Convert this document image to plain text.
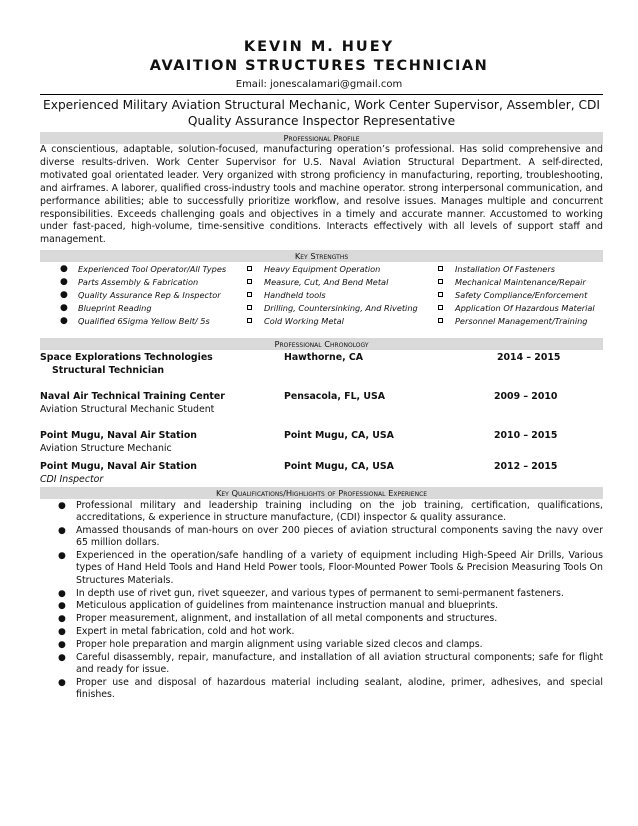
KEVIN M. HUEY
AVAITION STRUCTURES TECHNICIAN
Email: jonescalamari@gmail.com
Experienced Military Aviation Structural Mechanic, Work Center Supervisor, Assembler, CDI
Quality Assurance Inspector Representative
Professional Profile
A conscientious, adaptable, solution-focused, manufacturing operation’s professional. Has solid comprehensive and diverse results-driven. Work Center Supervisor for U.S. Naval Aviation Structural Department. A self-directed, motivated goal orientated leader. Very organized with strong proficiency in manufacturing, reporting, troubleshooting, and airframes. A laborer, qualified cross-industry tools and machine operator. strong interpersonal communication, and performance abilities; able to successfully prioritize workflow, and resolve issues. Manages multiple and concurrent responsibilities. Exceeds challenging goals and objectives in a timely and accurate manner. Accustomed to working under fast-paced, high-volume, time-sensitive conditions. Interacts effectively with all levels of support staff and management.
Key Strengths
● Experienced Tool Operator/All Types
● Parts Assembly & Fabrication
● Quality Assurance Rep & Inspector
● Blueprint Reading
● Qualified 6Sigma Yellow Belt/ 5s
Heavy Equipment Operation
Measure, Cut, And Bend Metal
Handheld tools
Drilling, Countersinking, And Riveting
Cold Working Metal
Installation Of Fasteners
Mechanical Maintenance/Repair
Safety Compliance/Enforcement
Application Of Hazardous Material
Personnel Management/Training
Professional Chronology
Space Explorations Technologies	Hawthorne, CA	2014 – 2015
Structural Technician
Naval Air Technical Training Center	Pensacola, FL, USA	2009 – 2010
Aviation Structural Mechanic Student
Point Mugu, Naval Air Station	Point Mugu, CA, USA	2010 – 2015
Aviation Structure Mechanic
Point Mugu, Naval Air Station	Point Mugu, CA, USA	2012 – 2015
CDI Inspector
Key Qualifications/Highlights of Professional Experience
● Professional military and leadership training including on the job training, certification, qualifications, accreditations, & experience in structure manufacture, (CDI) inspector & quality assurance.
● Amassed thousands of man-hours on over 200 pieces of aviation structural components saving the navy over 65 million dollars.
● Experienced in the operation/safe handling of a variety of equipment including High-Speed Air Drills, Various types of Hand Held Tools and Hand Held Power tools, Floor-Mounted Power Tools & Precision Measuring Tools On Structures Materials.
● In depth use of rivet gun, rivet squeezer, and various types of permanent to semi-permanent fasteners.
● Meticulous application of guidelines from maintenance instruction manual and blueprints.
● Proper measurement, alignment, and installation of all metal components and structures.
● Expert in metal fabrication, cold and hot work.
● Proper hole preparation and margin alignment using variable sized clecos and clamps.
● Careful disassembly, repair, manufacture, and installation of all aviation structural components; safe for flight and ready for issue.
● Proper use and disposal of hazardous material including sealant, alodine, primer, adhesives, and special finishes.
